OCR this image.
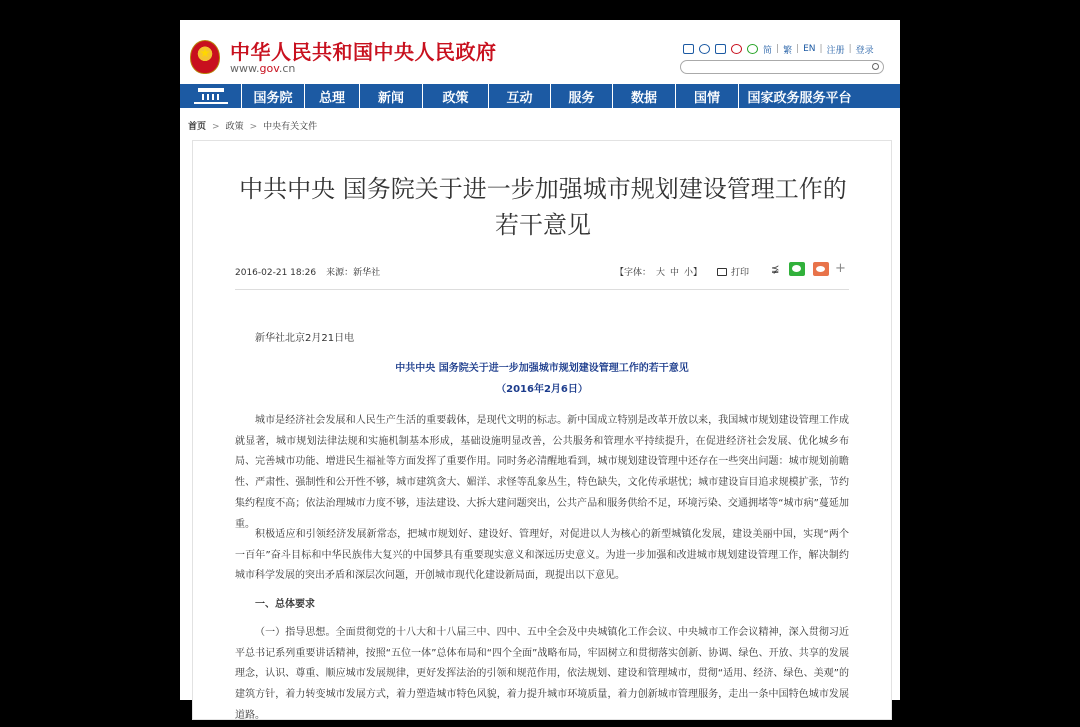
中华人民共和国中央人民政府
www.gov.cn
简 | 繁 | EN | 注册 | 登录
国务院	总理	新闻	政策	互动	服务	数据	国情	国家政务服务平台
首页 > 政策 > 中央有关文件
中共中央 国务院关于进一步加强城市规划建设管理工作的若干意见
2016-02-21 18:26 来源：新华社	【字体： 大 中 小】	打印 ⪵	+
新华社北京2月21日电
中共中央 国务院关于进一步加强城市规划建设管理工作的若干意见
（2016年2月6日）

城市是经济社会发展和人民生产生活的重要载体，是现代文明的标志。新中国成立特别是改革开放以来，我国城市规划建设管理工作成就显著，城市规划法律法规和实施机制基本形成，基础设施明显改善，公共服务和管理水平持续提升，在促进经济社会发展、优化城乡布局、完善城市功能、增进民生福祉等方面发挥了重要作用。同时务必清醒地看到，城市规划建设管理中还存在一些突出问题：城市规划前瞻性、严肃性、强制性和公开性不够，城市建筑贪大、媚洋、求怪等乱象丛生，特色缺失，文化传承堪忧；城市建设盲目追求规模扩张，节约集约程度不高；依法治理城市力度不够，违法建设、大拆大建问题突出，公共产品和服务供给不足，环境污染、交通拥堵等“城市病”蔓延加重。

积极适应和引领经济发展新常态，把城市规划好、建设好、管理好，对促进以人为核心的新型城镇化发展，建设美丽中国，实现“两个一百年”奋斗目标和中华民族伟大复兴的中国梦具有重要现实意义和深远历史意义。为进一步加强和改进城市规划建设管理工作，解决制约城市科学发展的突出矛盾和深层次问题，开创城市现代化建设新局面，现提出以下意见。

一、总体要求

（一）指导思想。全面贯彻党的十八大和十八届三中、四中、五中全会及中央城镇化工作会议、中央城市工作会议精神，深入贯彻习近平总书记系列重要讲话精神，按照“五位一体”总体布局和“四个全面”战略布局，牢固树立和贯彻落实创新、协调、绿色、开放、共享的发展理念，认识、尊重、顺应城市发展规律，更好发挥法治的引领和规范作用，依法规划、建设和管理城市，贯彻“适用、经济、绿色、美观”的建筑方针，着力转变城市发展方式，着力塑造城市特色风貌，着力提升城市环境质量，着力创新城市管理服务，走出一条中国特色城市发展道路。
